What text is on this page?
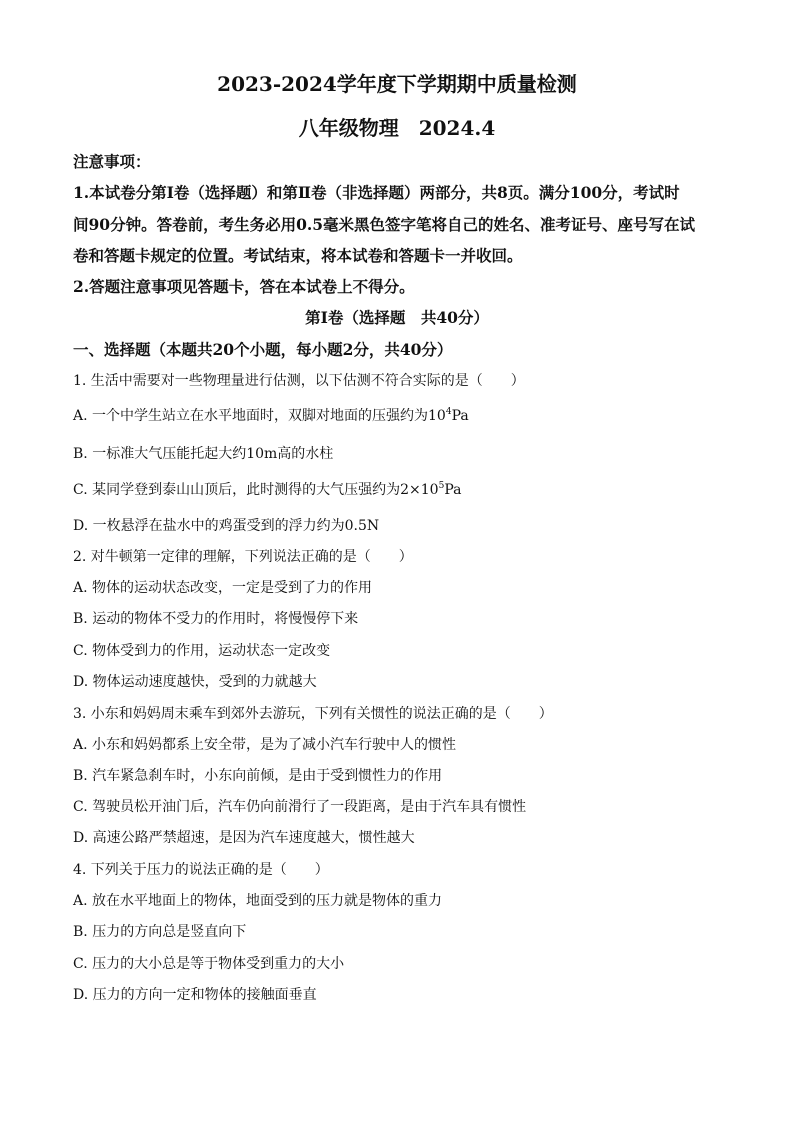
2023-2024学年度下学期期中质量检测
八年级物理　2024.4
注意事项：
1.本试卷分第Ⅰ卷（选择题）和第Ⅱ卷（非选择题）两部分，共8页。满分100分，考试时
间90分钟。答卷前，考生务必用0.5毫米黑色签字笔将自己的姓名、准考证号、座号写在试
卷和答题卡规定的位置。考试结束，将本试卷和答题卡一并收回。
2.答题注意事项见答题卡，答在本试卷上不得分。
第Ⅰ卷（选择题　共40分）
一、选择题（本题共20个小题，每小题2分，共40分）
1. 生活中需要对一些物理量进行估测，以下估测不符合实际的是（　　）
A. 一个中学生站立在水平地面时，双脚对地面的压强约为$10^4Pa$
B. 一标准大气压能托起大约10m高的水柱
C. 某同学登到泰山山顶后，此时测得的大气压强约为$2\times 10^5Pa$
D. 一枚悬浮在盐水中的鸡蛋受到的浮力约为0.5N
2. 对牛顿第一定律的理解，下列说法正确的是（　　）
A. 物体的运动状态改变，一定是受到了力的作用
B. 运动的物体不受力的作用时，将慢慢停下来
C. 物体受到力的作用，运动状态一定改变
D. 物体运动速度越快，受到的力就越大
3. 小东和妈妈周末乘车到郊外去游玩，下列有关惯性的说法正确的是（　　）
A. 小东和妈妈都系上安全带，是为了减小汽车行驶中人的惯性
B. 汽车紧急刹车时，小东向前倾，是由于受到惯性力的作用
C. 驾驶员松开油门后，汽车仍向前滑行了一段距离，是由于汽车具有惯性
D. 高速公路严禁超速，是因为汽车速度越大，惯性越大
4. 下列关于压力的说法正确的是（　　）
A. 放在水平地面上的物体，地面受到的压力就是物体的重力
B. 压力的方向总是竖直向下
C. 压力的大小总是等于物体受到重力的大小
D. 压力的方向一定和物体的接触面垂直
